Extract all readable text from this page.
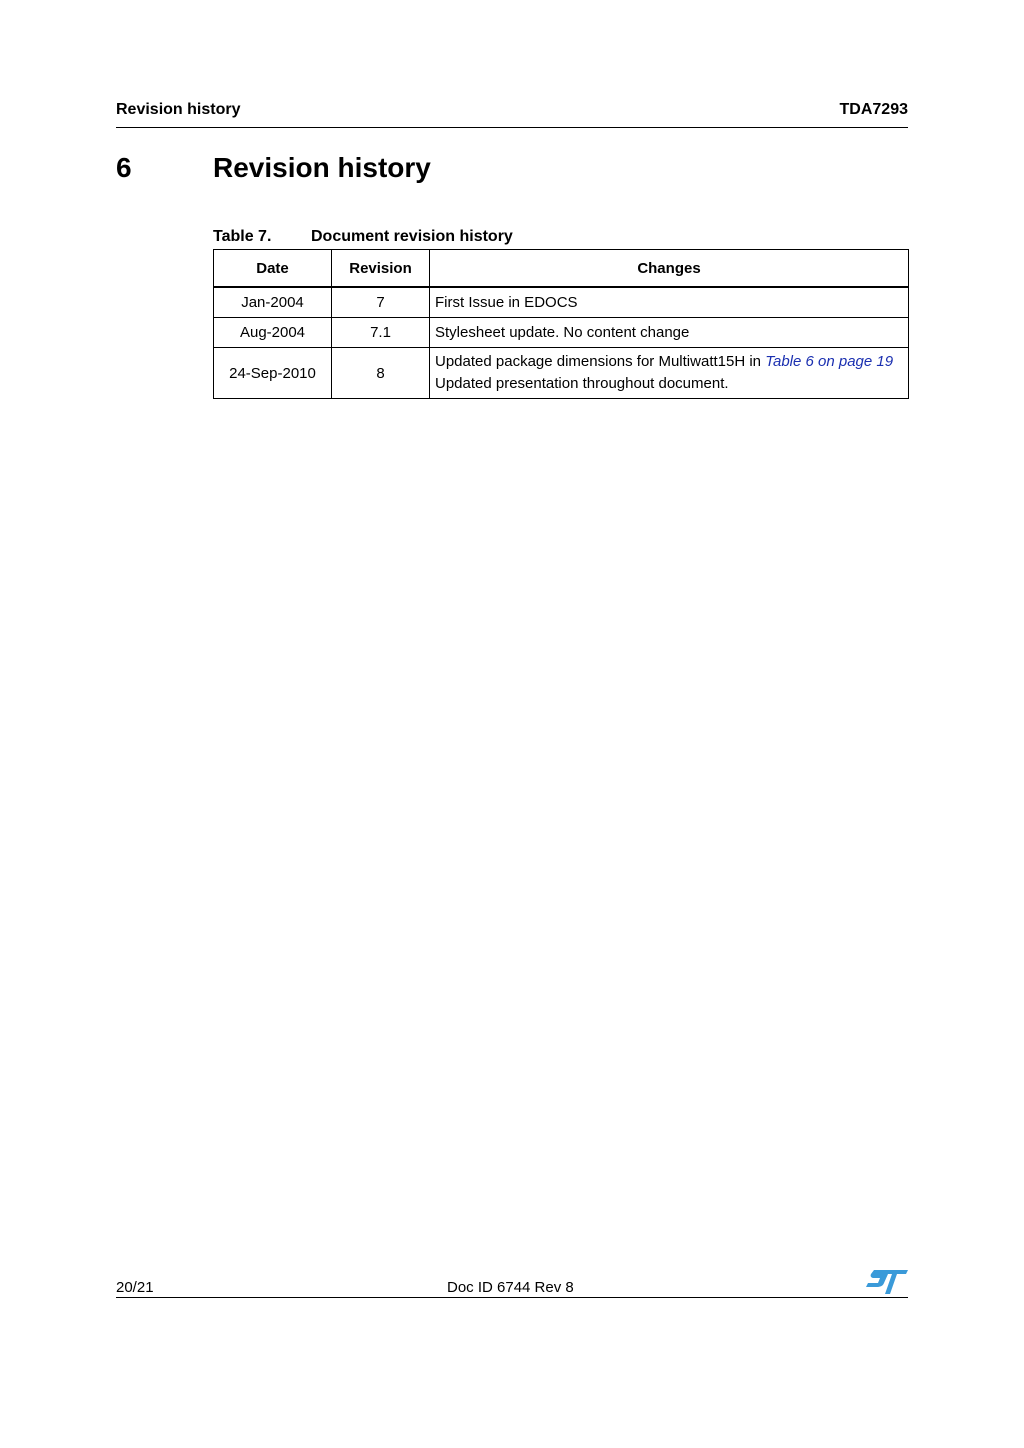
Revision history	TDA7293
6	Revision history
Table 7. Document revision history
Date	Revision	Changes
Jan-2004	7	First Issue in EDOCS
Aug-2004	7.1	Stylesheet update. No content change
24-Sep-2010	8	Updated package dimensions for Multiwatt15H in Table 6 on page 19
Updated presentation throughout document.
20/21	Doc ID 6744 Rev 8
